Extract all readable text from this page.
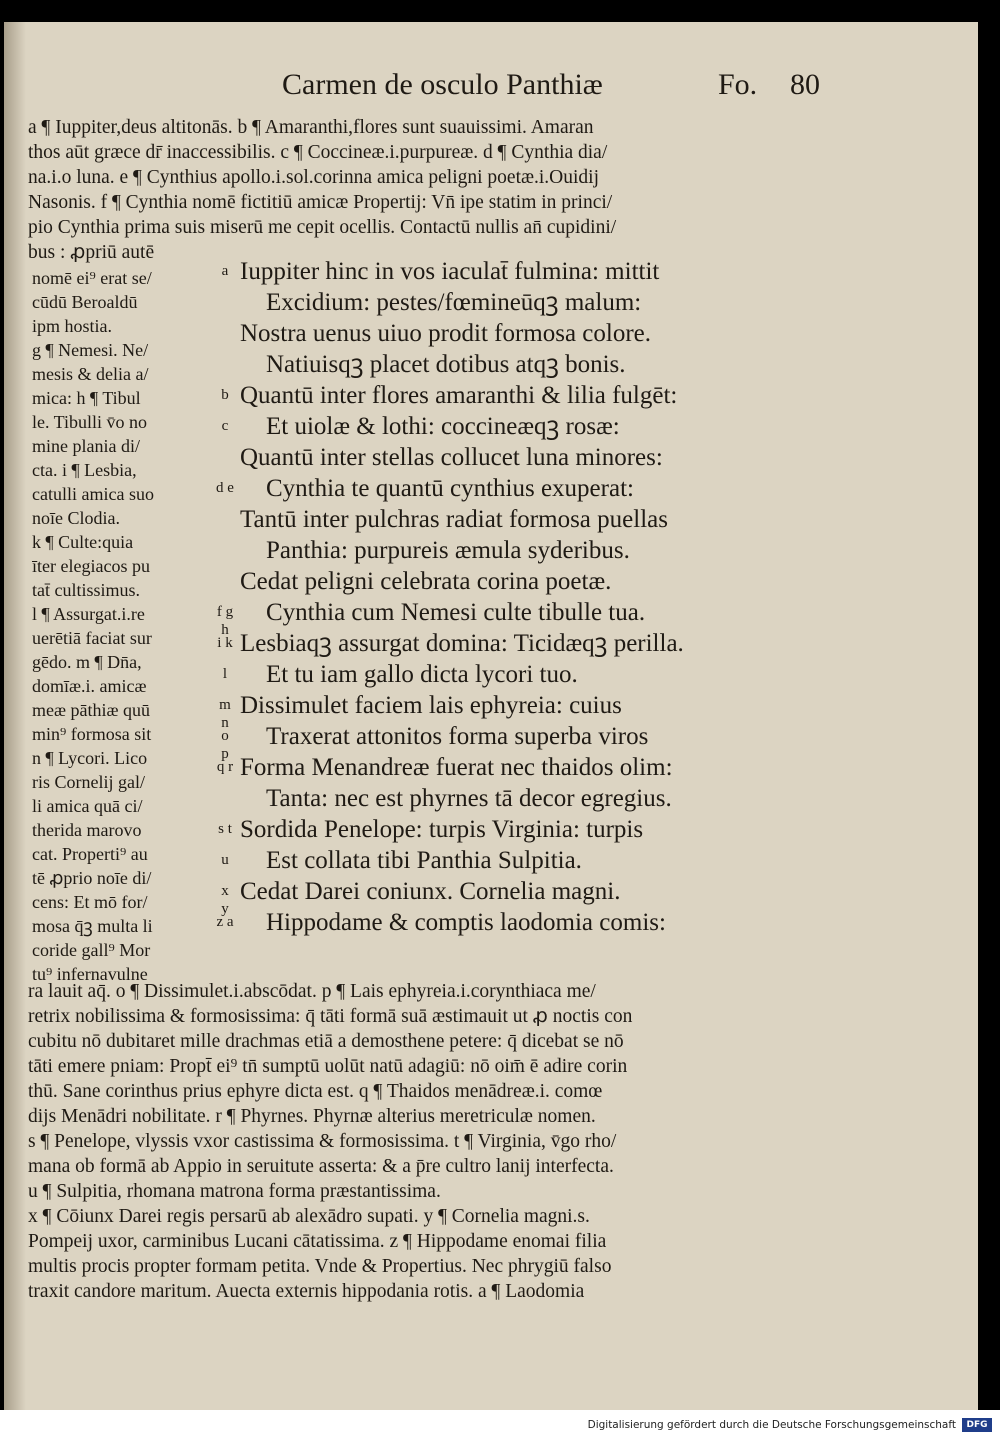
Carmen de osculo Panthiæ	Fo. 80
a ¶ Iuppiter,deus altitonās. b ¶ Amaranthi,flores sunt suauissimi. Amaran
thos aūt græce dr̄ inaccessibilis. c ¶ Coccineæ.i.purpureæ. d ¶ Cynthia dia/
na.i.o luna. e ¶ Cynthius apollo.i.sol.corinna amica peligni poetæ.i.Ouidij
Nasonis. f ¶ Cynthia nomē fictitiū amicæ Propertij: Vn̄ ipe statim in princi/
pio Cynthia prima suis miserū me cepit ocellis. Contactū nullis an̄ cupidini/
bus : ꝓpriū autē
nomē ei⁹ erat se/
cūdū Beroaldū
ipm hostia.
g ¶ Nemesi. Ne/
mesis & delia a/
mica: h ¶ Tibul
le. Tibulli v̄o no
mine plania di/
cta. i ¶ Lesbia,
catulli amica suo
noīe Clodia.
k ¶ Culte:quia
īter elegiacos pu
tat̄ cultissimus.
l ¶ Assurgat.i.re
uerētiā faciat sur
gēdo. m ¶ Dn̄a,
domīæ.i. amicæ
meæ pāthiæ quū
min⁹ formosa sit
n ¶ Lycori. Lico
ris Cornelij gal/
li amica quā ci/
therida marovo
cat. Properti⁹ au
tē ꝓprio noīe di/
cens: Et mō for/
mosa q̄ꝫ multa li
coride gall⁹ Mor
tu⁹ infernavulne
a Iuppiter hinc in vos iaculat̄ fulmina: mittit
Excidium: pestes/fœmineūqꝫ malum:
Nostra uenus uiuo prodit formosa colore.
Natiuisqꝫ placet dotibus atqꝫ bonis.
b Quantū inter flores amaranthi & lilia fulgēt:
c Et uiolæ & lothi: coccineæqꝫ rosæ:
Quantū inter stellas collucet luna minores:
d e Cynthia te quantū cynthius exuperat:
Tantū inter pulchras radiat formosa puellas
Panthia: purpureis æmula syderibus.
Cedat peligni celebrata corina poetæ.
f g h
Cynthia cum Nemesi culte tibulle tua.
i k Lesbiaqꝫ assurgat domina: Ticidæqꝫ perilla.
l Et tu iam gallo dicta lycori tuo.
m n
Dissimulet faciem lais ephyreia: cuius
o p
Traxerat attonitos forma superba viros
q r Forma Menandreæ fuerat nec thaidos olim:
Tanta: nec est phyrnes tā decor egregius.
s t Sordida Penelope: turpis Virginia: turpis
u Est collata tibi Panthia Sulpitia.
x y
Cedat Darei coniunx. Cornelia magni.
z a Hippodame & comptis laodomia comis:
ra lauit aq̄. o ¶ Dissimulet.i.abscōdat. p ¶ Lais ephyreia.i.corynthiaca me/
retrix nobilissima & formosissima: q̄ tāti formā suā æstimauit ut ꝓ noctis con
cubitu nō dubitaret mille drachmas etiā a demosthene petere: q̄ dicebat se nō
tāti emere pniam: Propt̄ ei⁹ tn̄ sumptū uolūt natū adagiū: nō oim̄ ē adire corin
thū. Sane corinthus prius ephyre dicta est. q ¶ Thaidos menādreæ.i. comœ
dijs Menādri nobilitate. r ¶ Phyrnes. Phyrnæ alterius meretriculæ nomen.
s ¶ Penelope, vlyssis vxor castissima & formosissima. t ¶ Virginia, v̄go rho/
mana ob formā ab Appio in seruitute asserta: & a p̄re cultro lanij interfecta.
u ¶ Sulpitia, rhomana matrona forma præstantissima.
x ¶ Cōiunx Darei regis persarū ab alexādro supati. y ¶ Cornelia magni.s.
Pompeij uxor, carminibus Lucani cātatissima. z ¶ Hippodame enomai filia
multis procis propter formam petita. Vnde & Propertius. Nec phrygiū falso
traxit candore maritum. Auecta externis hippodania rotis. a ¶ Laodomia
Digitalisierung gefördert durch die Deutsche Forschungsgemeinschaft	DFG
